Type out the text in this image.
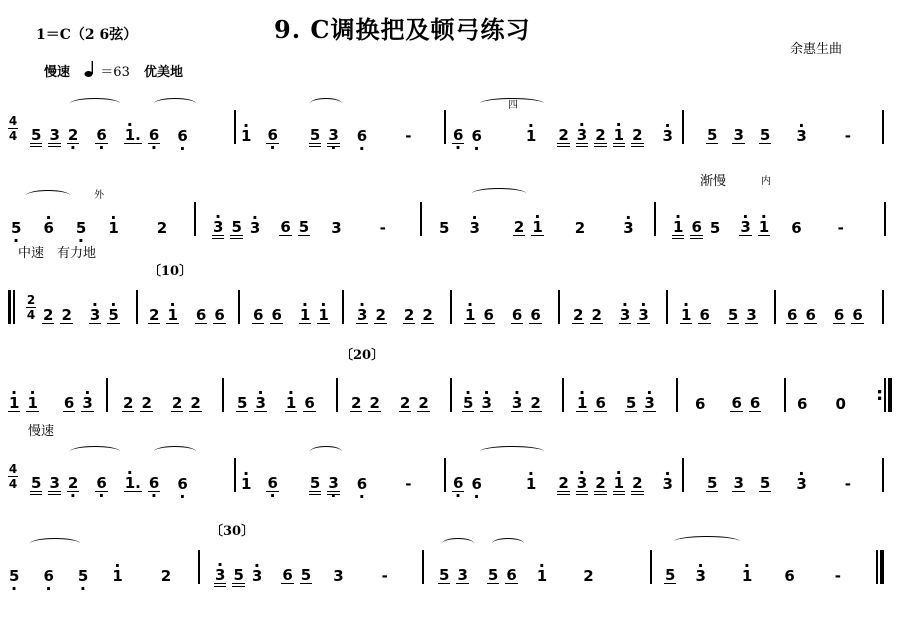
1＝C（2 6弦）	9. C调换把及顿弓练习
余惠生曲
慢速 ＝63 优美地
中速　有力地
慢速
〔10〕
〔20〕
〔30〕
渐慢
外
内
四
4
4 5 3 2 · 6 · · 1. 6 · 6 ·	· 1 6 · 5 3 · 6 ·	-	6 · 6 ·	· 1 2 · 3 2 · 1 2 · 3 5 3 5 · 3	-
5 · · 6 5 · · 1	2	· 3 5 · 3 6 5 3	-	5 · 3 2 · 1 2	· 3	· 1 6 5 · 3 · 1 6 -
2
4 2 2 · 3 · 5 2 · 1 6 6 6 6 · 1 · 1 · 3 2 2 2 · 1 6 6 6 2 2 · 3 · 3 · 1 6 5 3 6 6 6 6
· 1 · 1 6 · 3 2 2 2 2 5 · 3 · 1 6 2 2 2 2 · 5 · 3 · 3 2 · 1 6 5 · 3	6 6 6 6 0 :
4
4 5 3 2 · 6 · · 1. 6 · 6 ·	· 1 6 · 5 3 · 6 ·	-	6 · 6 ·	· 1 2 · 3 2 · 1 2 · 3 5 3 5 · 3	-
5 · 6 · 5 · · 1	2	· 3 5 · 3 6 5 3	-	5 3 5 6 · 1 2	5 · 3 · 1 6	-
